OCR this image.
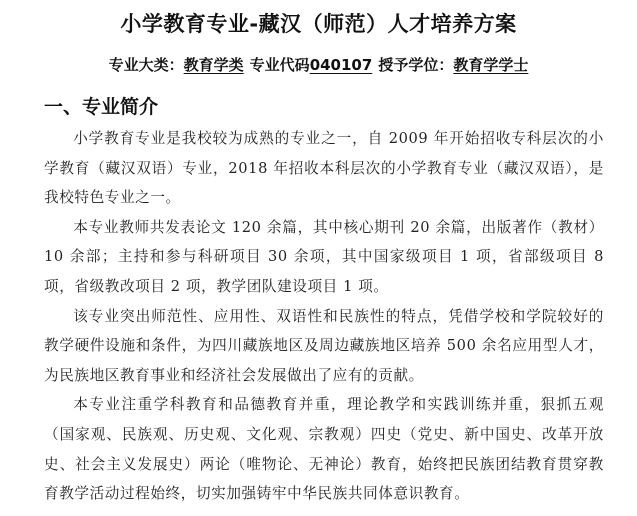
小学教育专业-藏汉（师范）人才培养方案
专业大类：教育学类 专业代码040107 授予学位：教育学学士
一、专业简介

小学教育专业是我校较为成熟的专业之一，自 2009 年开始招收专科层次的小学教育（藏汉双语）专业，2018 年招收本科层次的小学教育专业（藏汉双语），是我校特色专业之一。

本专业教师共发表论文 120 余篇，其中核心期刊 20 余篇，出版著作（教材）10 余部；主持和参与科研项目 30 余项，其中国家级项目 1 项，省部级项目 8 项，省级教改项目 2 项，教学团队建设项目 1 项。

该专业突出师范性、应用性、双语性和民族性的特点，凭借学校和学院较好的教学硬件设施和条件，为四川藏族地区及周边藏族地区培养 500 余名应用型人才，为民族地区教育事业和经济社会发展做出了应有的贡献。

本专业注重学科教育和品德教育并重，理论教学和实践训练并重，狠抓五观（国家观、民族观、历史观、文化观、宗教观）四史（党史、新中国史、改革开放史、社会主义发展史）两论（唯物论、无神论）教育，始终把民族团结教育贯穿教育教学活动过程始终，切实加强铸牢中华民族共同体意识教育。
